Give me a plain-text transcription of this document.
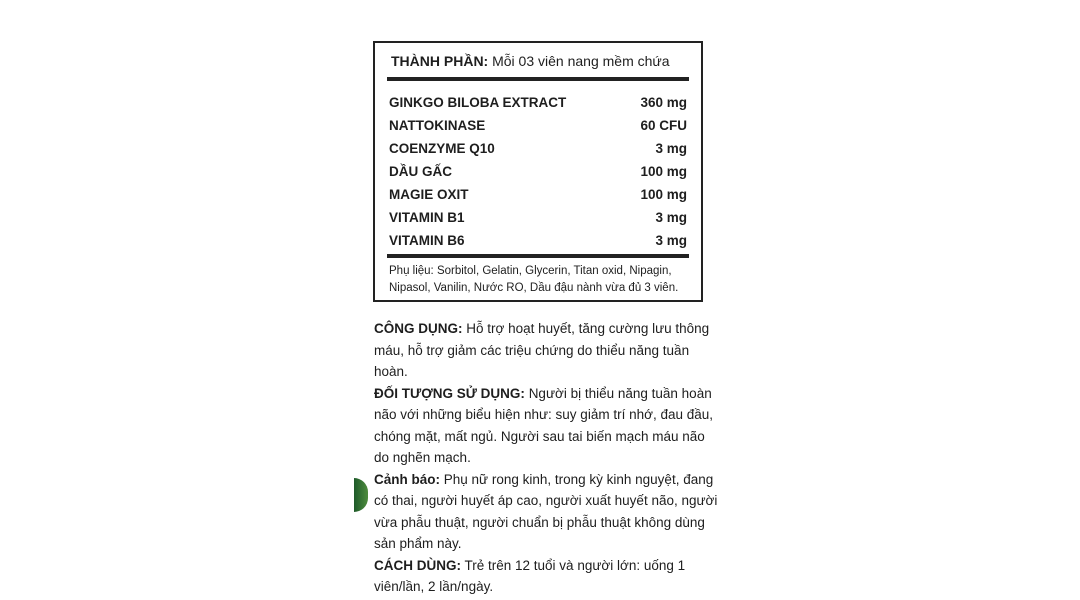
THÀNH PHẦN: Mỗi 03 viên nang mềm chứa
GINKGO BILOBA EXTRACT	360 mg
NATTOKINASE	60 CFU
COENZYME Q10	3 mg
DẦU GẤC	100 mg
MAGIE OXIT	100 mg
VITAMIN B1	3 mg
VITAMIN B6	3 mg
Phụ liệu: Sorbitol, Gelatin, Glycerin, Titan oxid, Nipagin, Nipasol, Vanilin, Nước RO, Dầu đậu nành vừa đủ 3 viên.

CÔNG DỤNG: Hỗ trợ hoạt huyết, tăng cường lưu thông máu, hỗ trợ giảm các triệu chứng do thiểu năng tuần hoàn.

ĐỐI TƯỢNG SỬ DỤNG: Người bị thiểu năng tuần hoàn não với những biểu hiện như: suy giảm trí nhớ, đau đầu, chóng mặt, mất ngủ. Người sau tai biến mạch máu não do nghẽn mạch.

Cảnh báo: Phụ nữ rong kinh, trong kỳ kinh nguyệt, đang có thai, người huyết áp cao, người xuất huyết não, người vừa phẫu thuật, người chuẩn bị phẫu thuật không dùng sản phẩm này.

CÁCH DÙNG: Trẻ trên 12 tuổi và người lớn: uống 1 viên/lần, 2 lần/ngày.
